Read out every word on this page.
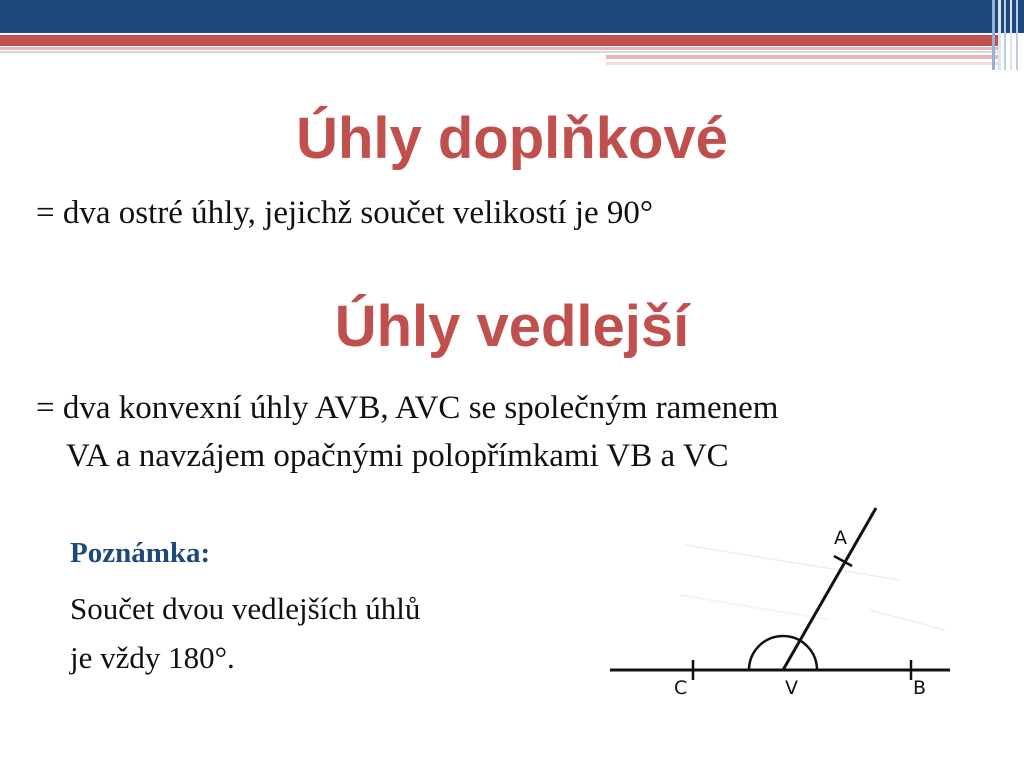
Úhly doplňkové

= dva ostré úhly, jejichž součet velikostí je 90°

Úhly vedlejší

= dva konvexní úhly AVB, AVC se společným ramenem

VA a navzájem opačnými polopřímkami VB a VC

Poznámka:

Součet dvou vedlejších úhlů

je vždy 180°.

A
C	V	B
